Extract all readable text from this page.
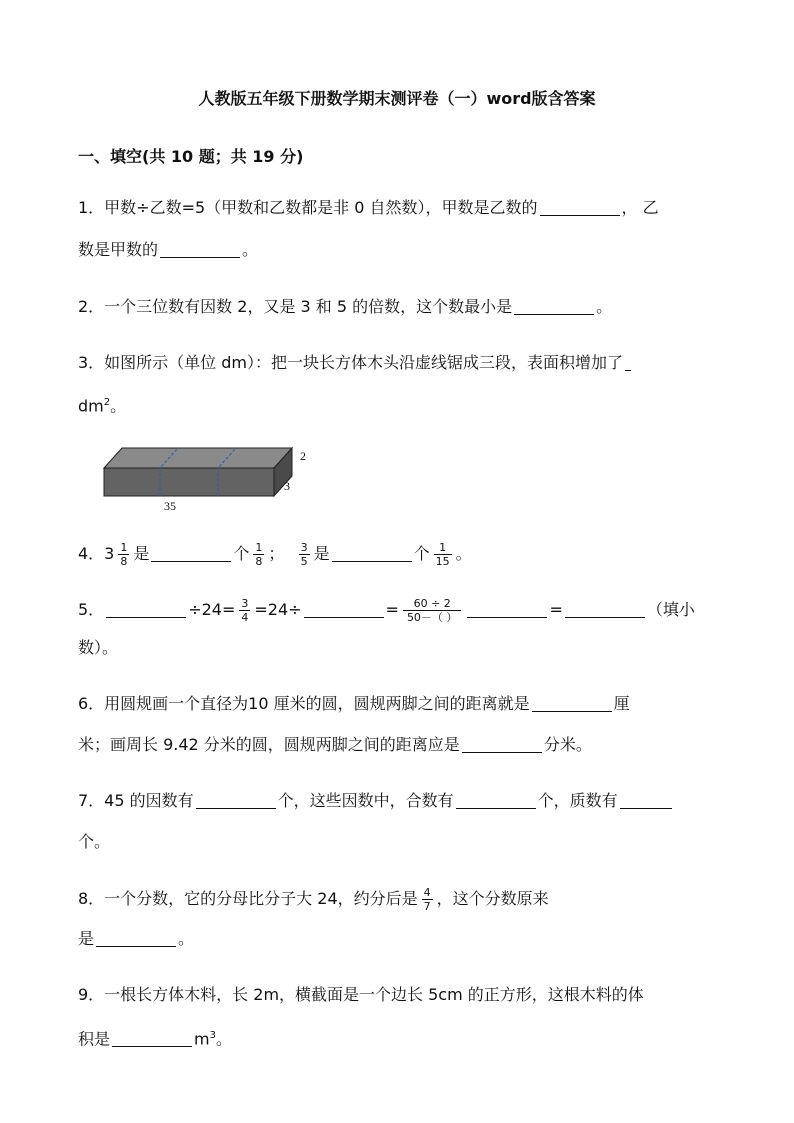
人教版五年级下册数学期末测评卷（一）word版含答案
一、填空(共 10 题；共 19 分)
1．甲数÷乙数=5（甲数和乙数都是非 0 自然数），甲数是乙数的	， 乙
数是甲数的	。
2．一个三位数有因数 2，又是 3 和 5 的倍数，这个数最小是	。
3．如图所示（单位 dm）：把一块长方体木头沿虚线锯成三段，表面积增加了
$dm^2$。
2
3
35
4．$3 \frac{1}{8}$ 是	个 $\frac{1}{8}$ ； $\frac{3}{5}$ 是	个 $\frac{1}{15}$ 。
5．	$\div 24= \frac{3}{4} =24\div$	= $\frac{60 \div 2}{50-( )}$	=	（填小
数）。
6．用圆规画一个直径为10 厘米的圆，圆规两脚之间的距离就是	厘
米；画周长 9.42 分米的圆，圆规两脚之间的距离应是	分米。
7．45 的因数有	个，这些因数中，合数有	个，质数有
个。
8．一个分数，它的分母比分子大 24，约分后是 $\frac{4}{7}$ ，这个分数原来
是	。
9．一根长方体木料，长 2m，横截面是一个边长 5cm 的正方形，这根木料的体
积是	$m^3$。
